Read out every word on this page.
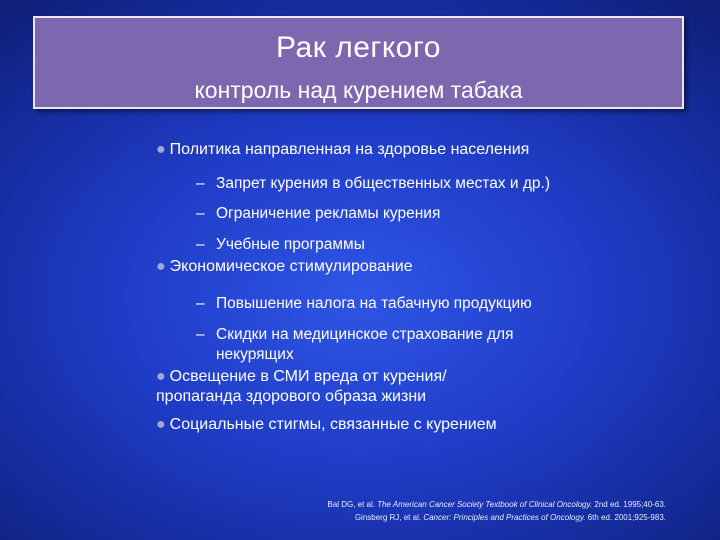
Рак легкого
контроль над курением табака
● Политика направленная на здоровье населения
– Запрет курения в общественных местах и др.)
– Ограничение рекламы курения
– Учебные программы
● Экономическое стимулирование
– Повышение налога на табачную продукцию
– Скидки на медицинское страхование для некурящих
● Освещение в СМИ вреда от курения/ пропаганда здорового образа жизни
● Социальные стигмы, связанные с курением
Bal DG, et al. The American Cancer Society Textbook of Clinical Oncology. 2nd ed. 1995;40-63.
Ginsberg RJ, et al. Cancer: Principles and Practices of Oncology. 6th ed. 2001;925-983.
